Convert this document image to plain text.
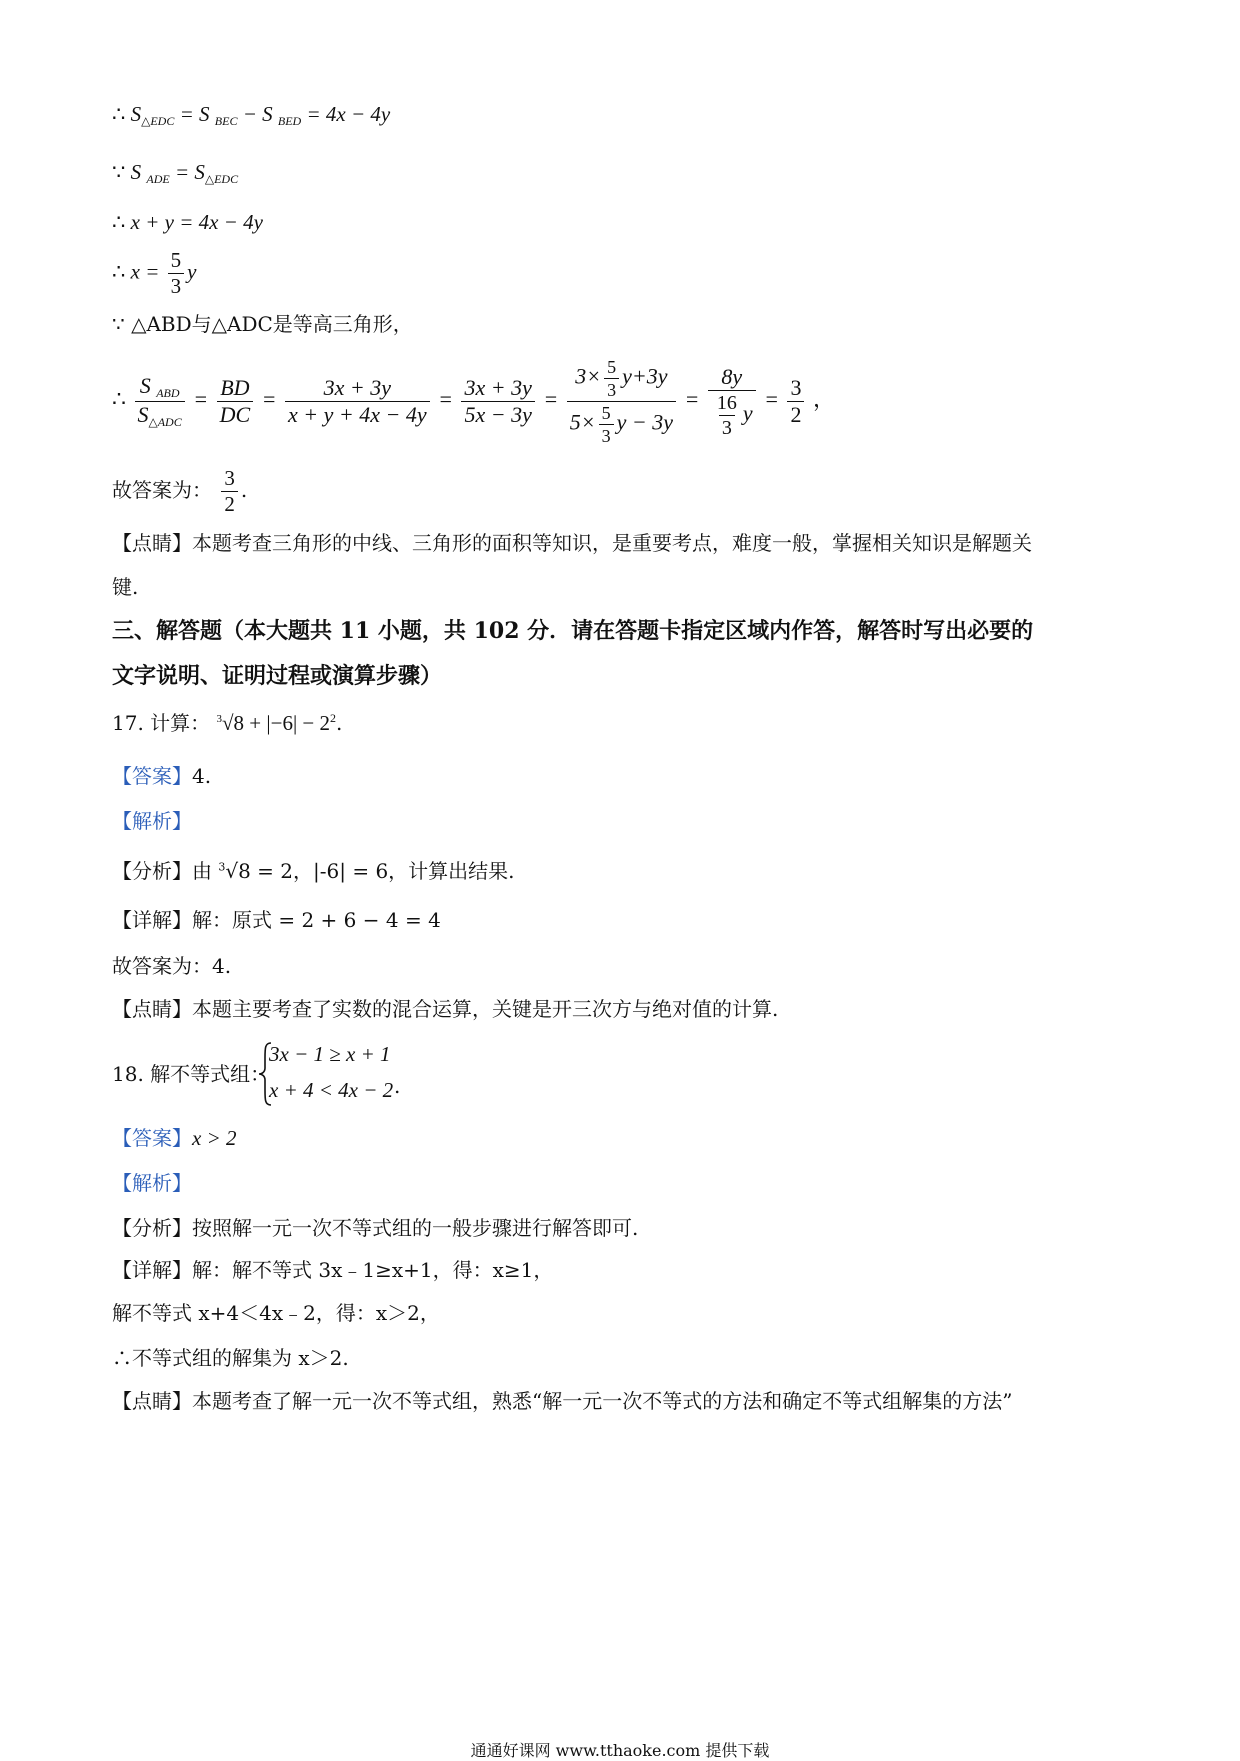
∴ $S_{\triangle EDC} = S$ $_{BEC}$ − S $_{BED}$ = 4x − 4y
∵ S $_{ADE} = S_{\triangle EDC}$
∴ x + y = 4x − 4y
∴ $x = \frac{5}{3}$ y
∵ △ABD与△ADC是等高三角形，
∴ $\frac{S _{ABD}}{S_{\triangle ADC}} = \frac{BD}{DC} = \frac{3x + 3y}{x + y + 4x - 4y} = \frac{3x + 3y}{5x - 3y} = \frac{3\times \frac{5}{3} y+3y}{5\times \frac{5}{3} y - 3y} = \frac{8y}{\frac{16}{3} y} = \frac{3}{2}$ ，
故答案为： $\frac{3}{2}$ .
【点睛】本题考查三角形的中线、三角形的面积等知识，是重要考点，难度一般，掌握相关知识是解题关
键.
三、解答题（本大题共 11 小题，共 102 分．请在答题卡指定区域内作答，解答时写出必要的
文字说明、证明过程或演算步骤）
17. 计算： $^3√8 + |-6| - 2^2$.
【答案】4.
【解析】
【分析】由 $^3$√8 = 2，|-6| = 6，计算出结果.
【详解】解：原式 = 2 + 6 − 4 = 4
故答案为：4.
【点睛】本题主要考查了实数的混合运算，关键是开三次方与绝对值的计算.
18. 解不等式组：
3x − 1 ≥ x + 1
x + 4 < 4x − 2 .
【答案】x > 2
【解析】
【分析】按照解一元一次不等式组的一般步骤进行解答即可.
【详解】解：解不等式 3x﹣1≥x+1，得：x≥1，
解不等式 x+4＜4x﹣2，得：x＞2，
∴不等式组的解集为 x＞2.
【点睛】本题考查了解一元一次不等式组，熟悉“解一元一次不等式的方法和确定不等式组解集的方法”
通通好课网 www.tthaoke.com 提供下载
